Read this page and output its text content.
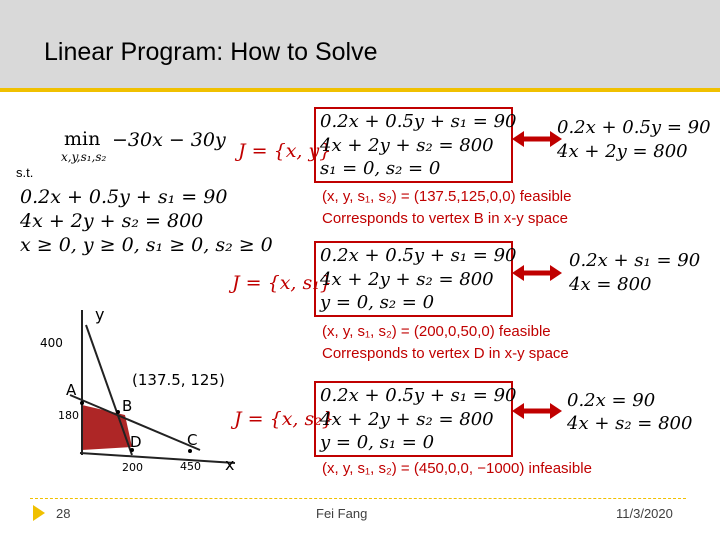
Linear Program: How to Solve
min
x,y,s₁,s₂
−30x − 30y
s.t.
0.2x + 0.5y + s₁ = 90
4x + 2y + s₂ = 800
x ≥ 0, y ≥ 0, s₁ ≥ 0, s₂ ≥ 0
y
x
400
180
200	450
A
B
D	C
(137.5, 125)
J = {x, y}
0.2x + 0.5y + s₁ = 90
4x + 2y + s₂ = 800
s₁ = 0, s₂ = 0
(x, y, s₁, s₂) = (137.5,125,0,0) feasible
Corresponds to vertex B in x-y space
0.2x + 0.5y = 90
4x + 2y = 800
J = {x, s₁}
0.2x + 0.5y + s₁ = 90
4x + 2y + s₂ = 800
y = 0, s₂ = 0
(x, y, s₁, s₂) = (200,0,50,0) feasible
Corresponds to vertex D in x-y space
0.2x + s₁ = 90
4x = 800
J = {x, s₂}
0.2x + 0.5y + s₁ = 90
4x + 2y + s₂ = 800
y = 0, s₁ = 0
(x, y, s₁, s₂) = (450,0,0, −1000) infeasible
0.2x = 90
4x + s₂ = 800
28	Fei Fang	11/3/2020
